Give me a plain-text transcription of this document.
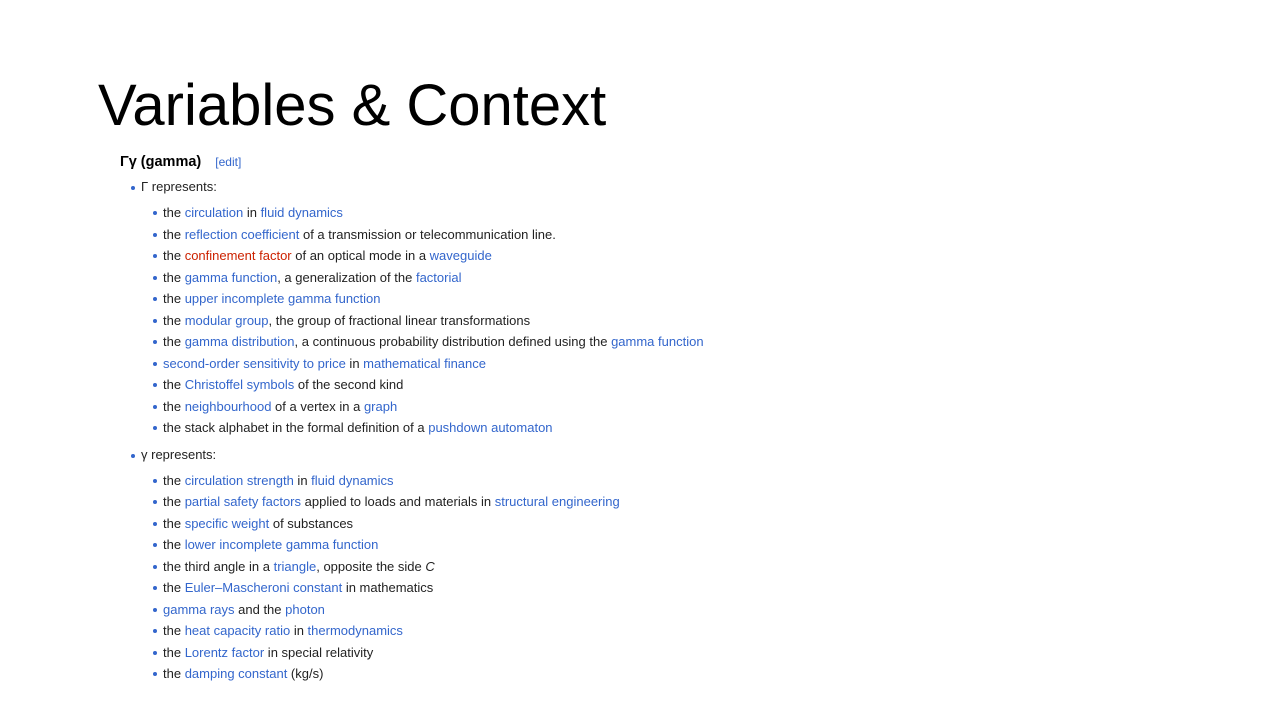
Variables & Context
Γγ (gamma) [edit]
Γ represents:
the circulation in fluid dynamics
the reflection coefficient of a transmission or telecommunication line.
the confinement factor of an optical mode in a waveguide
the gamma function, a generalization of the factorial
the upper incomplete gamma function
the modular group, the group of fractional linear transformations
the gamma distribution, a continuous probability distribution defined using the gamma function
second-order sensitivity to price in mathematical finance
the Christoffel symbols of the second kind
the neighbourhood of a vertex in a graph
the stack alphabet in the formal definition of a pushdown automaton
γ represents:
the circulation strength in fluid dynamics
the partial safety factors applied to loads and materials in structural engineering
the specific weight of substances
the lower incomplete gamma function
the third angle in a triangle, opposite the side C
the Euler–Mascheroni constant in mathematics
gamma rays and the photon
the heat capacity ratio in thermodynamics
the Lorentz factor in special relativity
the damping constant (kg/s)
